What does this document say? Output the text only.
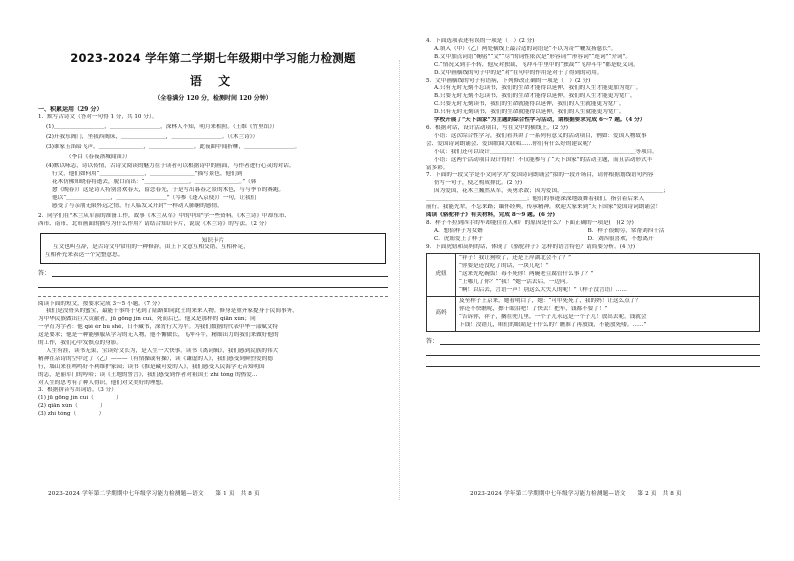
2023-2024 学年第二学期七年级期中学习能力检测题
语 文
（全卷满分 120 分，检测时间 120 分钟）
一、积累运用（29 分）
1．默写古诗文（答对一句得 1 分，共 10 分）。
(1)＿＿＿＿＿＿＿＿＿，＿＿＿＿＿＿＿＿＿。深林人不知，明月来相照。（王维《竹里馆》）
(2)开我东阁门，坐我西阁床，＿＿＿＿＿＿＿＿，＿＿＿＿＿＿＿＿＿。（《木兰诗》）
(3)谁家玉笛暗飞声，＿＿＿＿＿＿＿＿，＿＿＿＿＿＿＿＿。此夜曲中闻折柳，＿＿＿＿＿＿＿＿＿。
（李白《春夜洛城闻笛》）
(4)默以咏志，诗以传情，古诗文阅读的魅力在于读者可以根据诗中的画面，与作者进行心灵的对话。
行文，他们如何用“＿＿＿＿＿＿＿＿，＿＿＿＿＿＿＿＿”描写景色，他们到
花木仿佛知晓春将逝去，脱口而出：“＿＿＿＿＿＿＿＿，＿＿＿＿＿＿＿＿。”（韩
愈《晚春》）这是诗人特别喜欢春天，留恋春光，于是写出暮春之景的木色，与与季节的赛跑。
他以“＿＿＿＿＿＿＿＿，＿＿＿＿＿＿＿＿＿”（岑参《逢入京使》）一句，让我们
感受了与亲朋无限怀远之情，行人临发又开封”一样动人肺腑的感情。
2．同学们在"木兰从军演的准备工作，故事《木兰从军》中的中国"学一些资料。《木兰诗》中却东市、
西市、南市、北市画面的描写为什么作用？请结合知识卡片，说说《木兰诗》的写法。（2 分）
知识卡片
互文也叫互辞，是古诗文中常用的一种修辞。由上下文意互相交错，互相补足，
互相补充来表达一个完整意思。
答：
阅读下面的短文，按要求完成 3～5 小题。（7 分）
我们是没骨头的蜜宝，最能干事终于见到了陆路如同此土的来来人物。修身是重齐家提身于民间事务，
为中华民族做出巨大贡献者，jū gōng jìn cuì，死而后已。他又是那样的 qiān xùn；同
一孕育为字者：他 qiè ér bù shě，日不藏书，深宵行大为平。为我们数据的代表中华一部赋文特
这是要求；他是一种能够服从学习的无人物，他不懈做长，飞冲斗牛，精细出力的我们来做好他的
的工作，我们心中发慎点的身影。
人生有涯，读书无果，宝读好文长为，是人生一大快事。读书《离词辑》，我们感到民族的伟大
精神在杂诗的空中过了（乙）———（有情操或有操），读《谦虚的人》，我们感受到鲜烈爱的德
行，墙山来在鸣鸣好不利维护家园；读书《推是藏可爱的人》，我们感受人民海学无音知明国
的志，是丽军门的哼哈；读《土地的誓言》，我们感受到作者对祖国土 zhì tóng 的热爱…
对人生的思考有了种人得识，他们对文美好的理想。
3．根据拼音写出词语。（3 分）
(1) jū gōng jìn cuì（　　　　）
(2) qiān xùn（　　　　）
(3) zhì tóng（　　　　）
2023-2024 学年第二学期期中七年级学习能力检测题—语文　　第 1 页　共 8 页
4．下面选项表述有误的一项是（　）(2 分)
A.填入（甲）（乙）两处横线上最合适的词语是“不以为奇”“鞭发扬慈长”。
B.文中加点词语“鞠躬”“文”“尽”的词性依次是“形容词”“形容词”“连词”“介词”。
C.“情况又到手不转，他反对独裁，飞冲斗牛里中的“独裁”“飞冲斗牛”都是贬义词。
D.文中画横线的句子中的是“对”在句中的作用是对于了得到的功用。
5．文中画横线的句子有语病，下列修改正确的一项是（　）(2 分)
A.只有无时无刻不忘读书，我们的生命才能得以延伸，我们的人生才能更加为宽广。
B.只要无时无刻不忘读书，我们的生命才能得以延伸，我们的人生才能更为宽广。
C.只要无时无刻读书，我们的生命就能得以延伸，我们的人生就能更为宽广。
D.只有无时无刻读书，我们的生命就能得以延伸，我们的人生就能更为宽广。
学校开展了“天下国家”为主题的综合性学习活动，请根据要求完成 6～7 题。（4 分）
6．根据对话，设计活动项目，写在文中的横线上。(2 分)
小语：这次综合性学习，我们看其讲了一系列有意义的活动项目，例如：爱国人物故事
会、爱国诗词朗诵会、爱国歌曲大联唱……你们有什么好的建议呢？
小议：我们还可以设计＿＿＿＿＿＿＿＿＿＿＿＿＿＿＿＿＿＿＿＿＿＿＿＿＿＿等项目。
小语：这两个活动项目设计得好！不仅能参与了“天下国家”的活动主题，而且活动形式丰
富多彩。
7．下面的一段文字是小文同学为“爱国诗词朗诵会”拟的一段开场白，请你根据划线语句内容
仿写一句子，使之构成排比。(2 分)
因为爱国，花木兰巍然从军，英勇杀敌；因为爱国，＿＿＿＿＿＿＿＿＿＿＿＿＿＿＿＿＿＿；
＿＿＿＿＿＿＿＿＿＿＿＿＿＿＿＿＿＿；他们的事迹深深地鼓舞着我们，指引着后来人
前行。我能先辈，不忘来路；缅怀经典，传承精神。欢迎大家来到“天下国家”爱国诗词朗诵会！
阅读《骆驼祥子》有关材料，完成 8～9 题。(6 分)
8．样子不拉到四手的车却能住在人和厂的原因是什么？下面正确的一项是(　)(2 分)
A．想招样子为女婿	B．样子很勤劳，常帮刘四干活
C．虎妞爱上了样子	D．刘四很喜欢，不想离开
9．下面虎妞和高妈的话，体现了《骆驼祥子》怎样的语言特色？请简要分析。(4 分)
虎妞	“祥子！我让狗咬了，还是上岸湖北会不了？”
“你要是还没吃了的话，一块儿吃！”
“这来先吃碗饭！毒不死你！两碗老豆腐管什么事了？”
“上哪儿了你？”“我！”她一活去后，一边问。
“啊！以后去，言语一声！别这么大失人的呢！”（样子没言语）……

高妈	及至样子上京来，她看明白了，她：“可甲死死了，我的妈！让这么点了？
你还不快瞧呢，擦干眼泪吧！了快去！把车，钱都不要了！”
“告诉你，祥子，搁在兜儿里，一个子儿永远是一个子儿！放出去呢，钱就会
下钱！没错儿，咱们的眼睛是干什么的？瞧准了再放钱，不能放死喽。……”
答：
2023-2024 学年第二学期期中七年级学习能力检测题—语文　　第 2 页　共 8 页
